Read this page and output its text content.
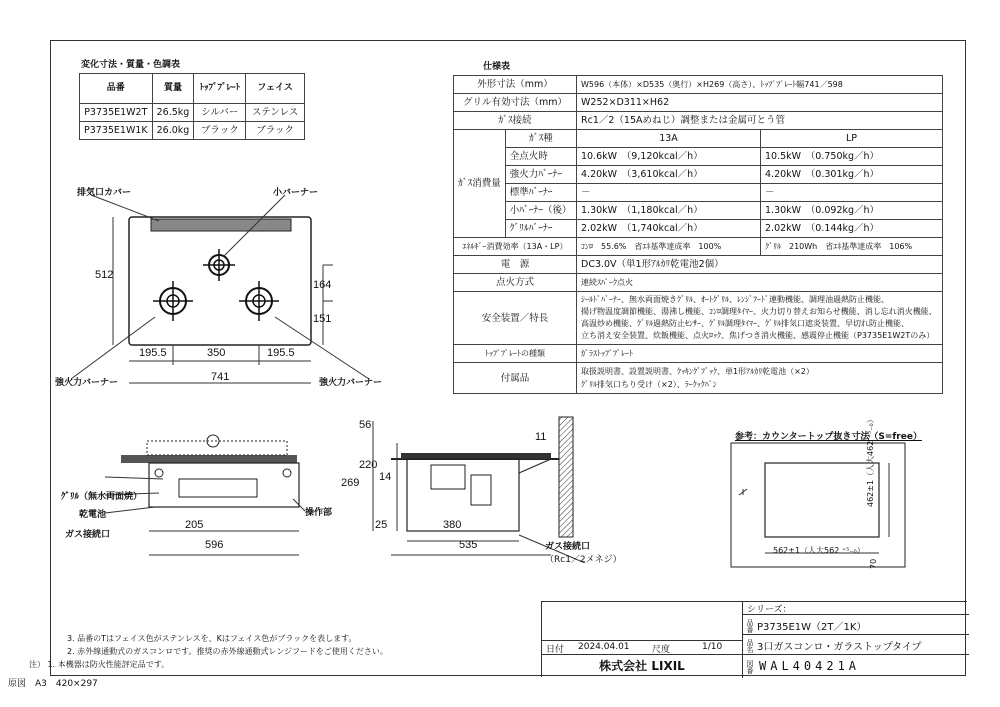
変化寸法・質量・色調表
品番	質量	ﾄｯﾌﾟﾌﾟﾚｰﾄ	フェイス
P3735E1W2T	26.5kg	シルバー	ステンレス
P3735E1W1K	26.0kg	ブラック	ブラック
仕様表
外形寸法（mm）		W596（本体）×D535（奥行）×H269（高さ）、ﾄｯﾌﾟﾌﾟﾚｰﾄ幅741／598	
グリル有効寸法（mm）		W252×D311×H62	
ｶﾞｽ接続		Rc1／2（15Aめねじ）調整または金属可とう管	
ｶﾞｽ消費量	ｶﾞｽ種	13A	LP
	全点火時	10.6kW　（9,120kcal／h）	10.5kW　（0.750kg／h）
	強火力ﾊﾞｰﾅｰ	4.20kW　（3,610kcal／h）	4.20kW　（0.301kg／h）
	標準ﾊﾞｰﾅｰ	－	－
	小ﾊﾞｰﾅｰ（後）	1.30kW　（1,180kcal／h）	1.30kW　（0.092kg／h）
	ｸﾞﾘﾙﾊﾞｰﾅｰ	2.02kW　（1,740kcal／h）	2.02kW　（0.144kg／h）
ｴﾈﾙｷﾞｰ消費効率（13A・LP）		ｺﾝﾛ　55.6%　省ｴﾈ基準達成率　100%	ｸﾞﾘﾙ　210Wh　省ｴﾈ基準達成率　106%
電　源		DC3.0V（単1形ｱﾙｶﾘ乾電池2個）	
点火方式		連続ｽﾊﾟｰｸ点火	
安全装置／特長		ｼｰﾙﾄﾞﾊﾞｰﾅｰ、無水両面焼きｸﾞﾘﾙ、ｵｰﾄｸﾞﾘﾙ、ﾚﾝｼﾞﾌｰﾄﾞ連動機能、調理油過熱防止機能、
揚げ物温度調節機能、湯沸し機能、ｺﾝﾛ調理ﾀｲﾏｰ、火力切り替えお知らせ機能、消し忘れ消火機能、
高温炒め機能、ｸﾞﾘﾙ過熱防止ｾﾝｻｰ、ｸﾞﾘﾙ調理ﾀｲﾏｰ、ｸﾞﾘﾙ排気口遮炎装置、早切れ防止機能、
立ち消え安全装置、炊飯機能、点火ﾛｯｸ、焦げつき消火機能、感震停止機能（P3735E1W2Tのみ）	

ﾄｯﾌﾟﾌﾟﾚｰﾄの種類		ｶﾞﾗｽﾄｯﾌﾟﾌﾟﾚｰﾄ	
付属品		取扱説明書、設置説明書、ｸｯｷﾝｸﾞﾌﾞｯｸ、単1形ｱﾙｶﾘ乾電池（×2）
ｸﾞﾘﾙ排気口ちり受け（×2）、ﾗｰｸｯｸﾊﾟﾝ	
排気口カバー	小バーナー
強火力バーナー	強火力バーナー
512
164
151
195.5	350	195.5
741
ｸﾞﾘﾙ（無水両面焼）
乾電池
ガス接続口
操作部
205
596
56
11
269
220
14
25	380
535	ガス接続口
（Rc1／2メネジ）
参考：カウンタートップ抜き寸法（S=free）
562±1（人大562 ⁺⁵₋₀）
462±1（人大462 ⁺⁵₋₀）
70
3. 品番のTはフェイス色がステンレスを、Kはフェイス色がブラックを表します。
2. 赤外線通動式のガスコンロです。推奨の赤外線通動式レンジフードをご使用ください。
注） 1. 本機器は防火性能評定品です。
シリーズ：
品番 P3735E1W（2T／1K）
品名 3口ガスコンロ・ガラストップタイプ
図番 WAL40421A
日付 2024.04.01 尺度	1/10
株式会社 LIXIL
原図　A3　420×297
